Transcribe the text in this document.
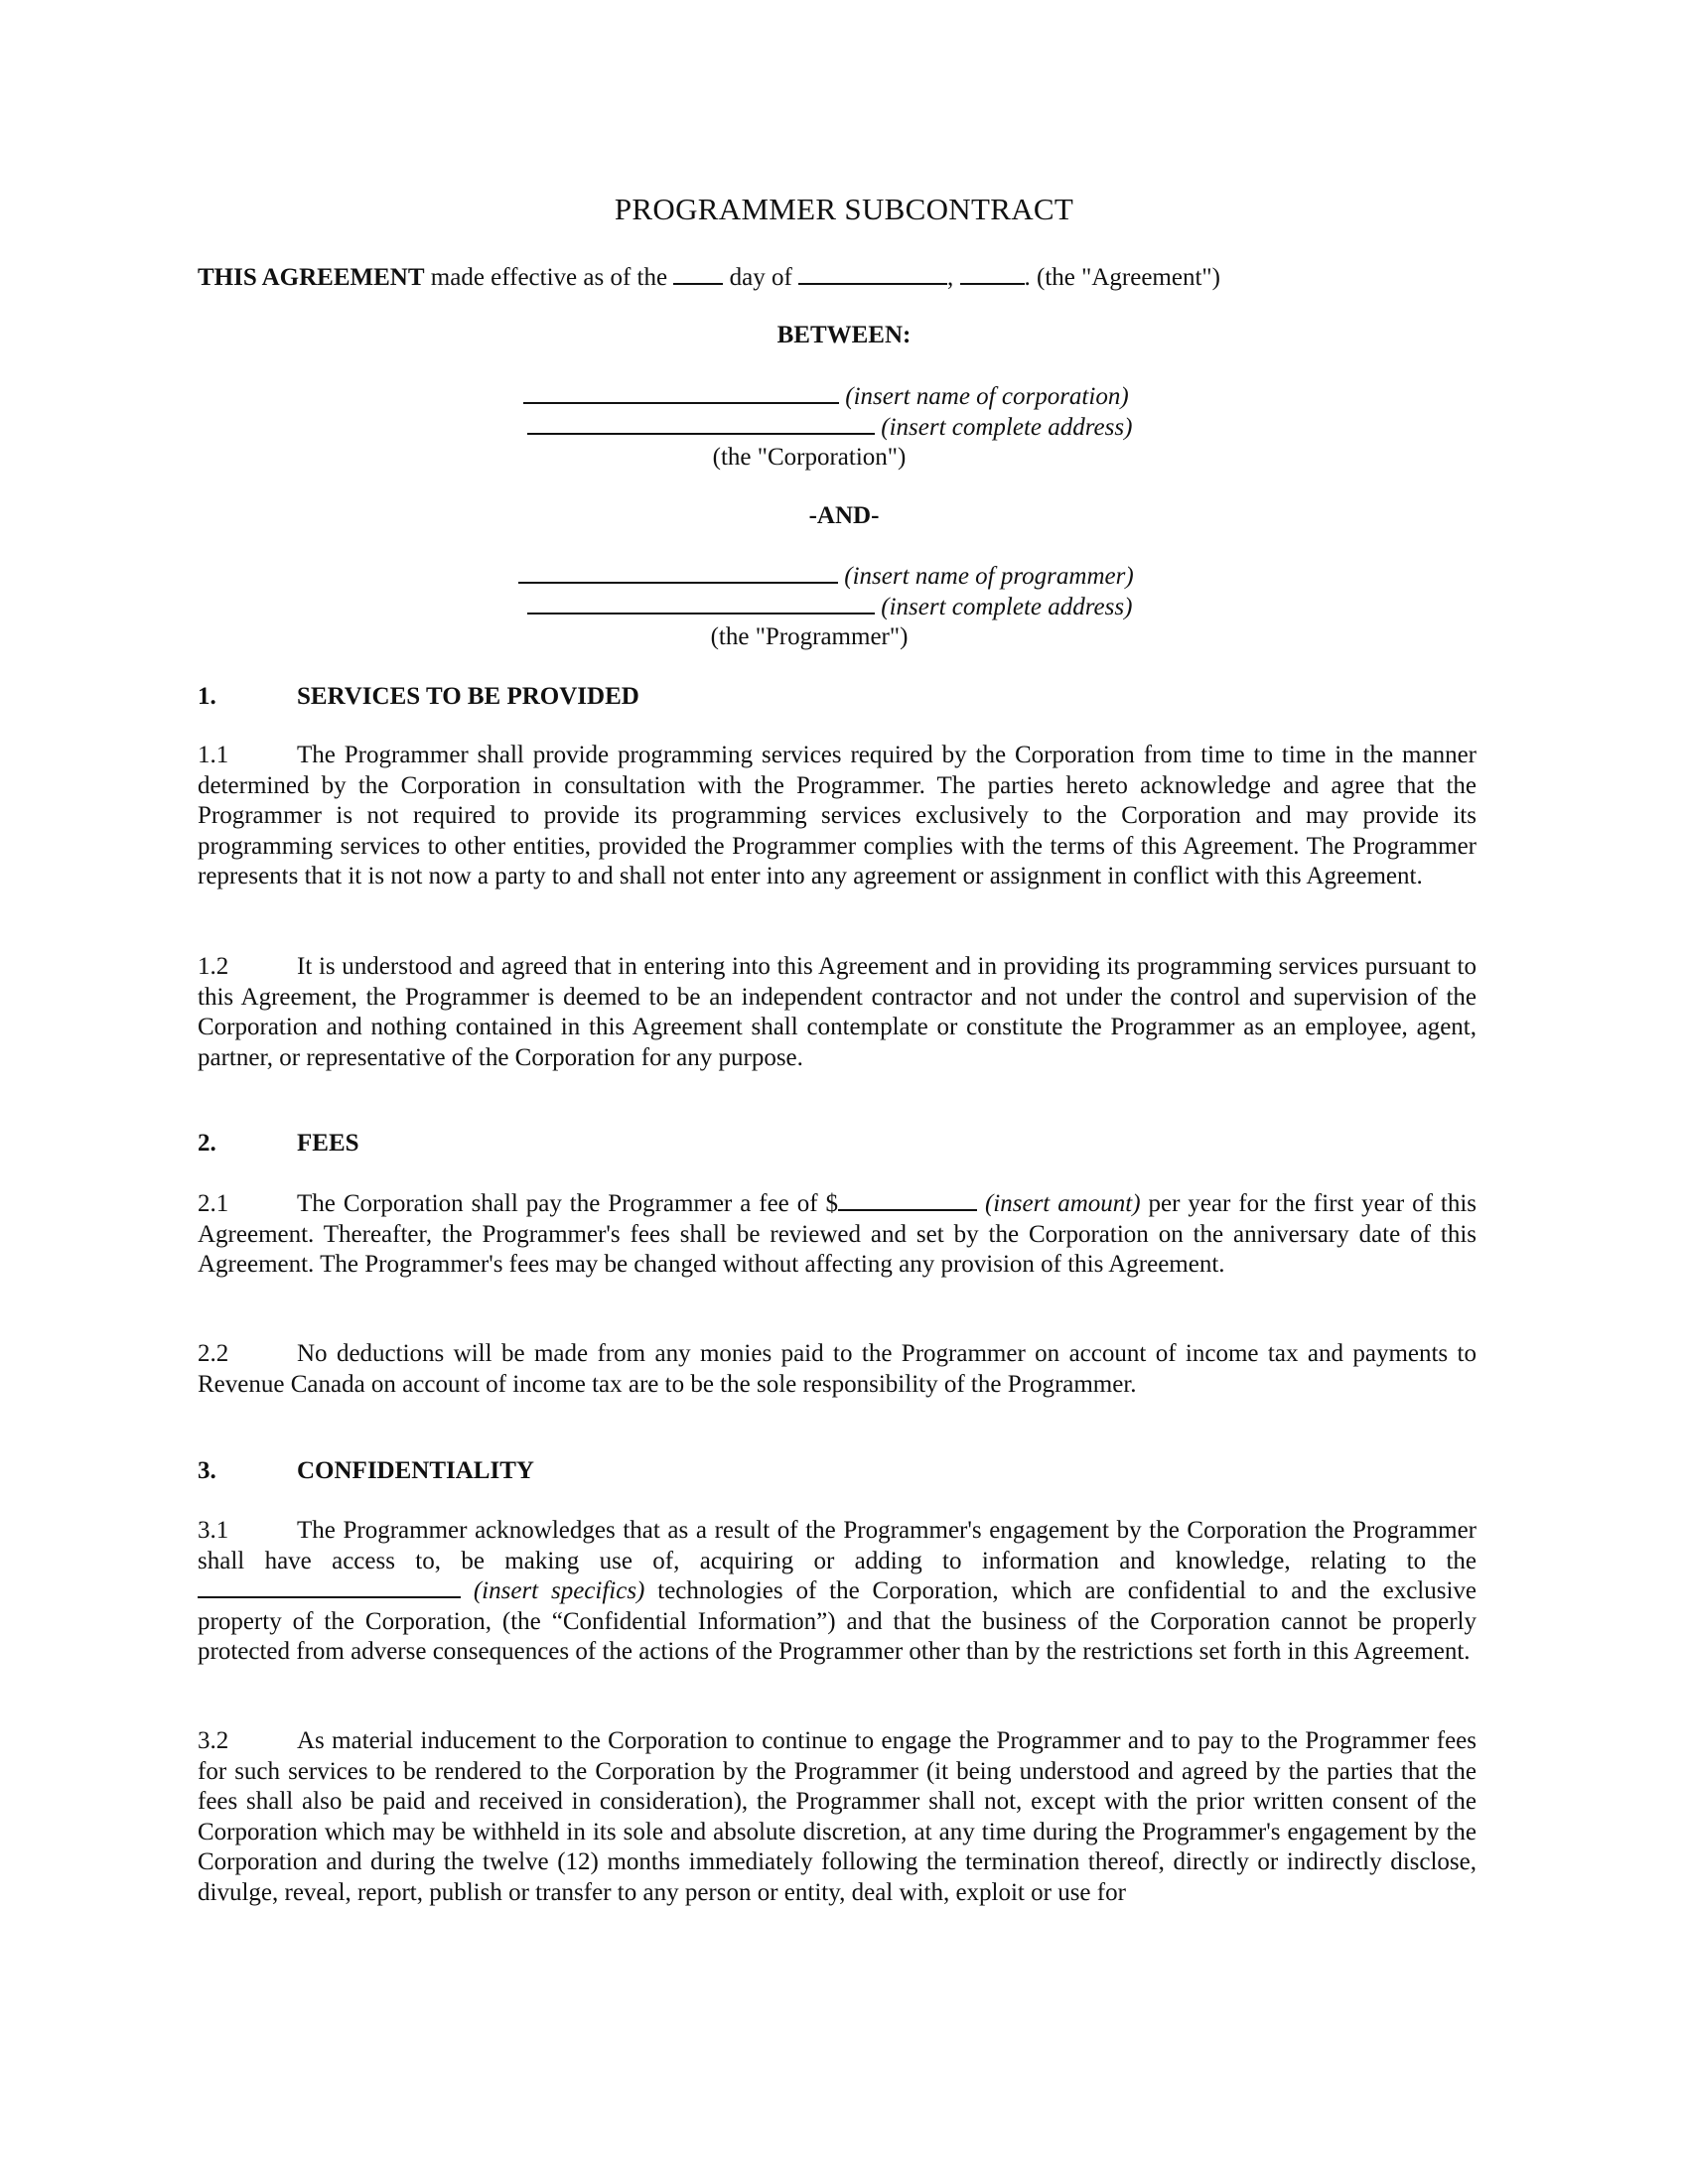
PROGRAMMER SUBCONTRACT
THIS AGREEMENT made effective as of the	day of	,	. (the "Agreement")
BETWEEN:
(insert name of corporation)
(insert complete address)
(the "Corporation")
-AND-
(insert name of programmer)
(insert complete address)
(the "Programmer")
1.	SERVICES TO BE PROVIDED
1.1	The Programmer shall provide programming services required by the Corporation from time to time in the manner determined by the Corporation in consultation with the Programmer. The parties hereto acknowledge and agree that the Programmer is not required to provide its programming services exclusively to the Corporation and may provide its programming services to other entities, provided the Programmer complies with the terms of this Agreement. The Programmer represents that it is not now a party to and shall not enter into any agreement or assignment in conflict with this Agreement.
1.2	It is understood and agreed that in entering into this Agreement and in providing its programming services pursuant to this Agreement, the Programmer is deemed to be an independent contractor and not under the control and supervision of the Corporation and nothing contained in this Agreement shall contemplate or constitute the Programmer as an employee, agent, partner, or representative of the Corporation for any purpose.
2.	FEES
2.1	The Corporation shall pay the Programmer a fee of $	(insert amount) per year for the first year of this Agreement. Thereafter, the Programmer's fees shall be reviewed and set by the Corporation on the anniversary date of this Agreement. The Programmer's fees may be changed without affecting any provision of this Agreement.
2.2	No deductions will be made from any monies paid to the Programmer on account of income tax and payments to Revenue Canada on account of income tax are to be the sole responsibility of the Programmer.
3.	CONFIDENTIALITY
3.1	The Programmer acknowledges that as a result of the Programmer's engagement by the Corporation the Programmer shall have access to, be making use of, acquiring or adding to information and knowledge, relating to the  (insert specifics) technologies of the Corporation, which are confidential to and the exclusive property of the Corporation, (the “Confidential Information”) and that the business of the Corporation cannot be properly protected from adverse consequences of the actions of the Programmer other than by the restrictions set forth in this Agreement.
3.2	As material inducement to the Corporation to continue to engage the Programmer and to pay to the Programmer fees for such services to be rendered to the Corporation by the Programmer (it being understood and agreed by the parties that the fees shall also be paid and received in consideration), the Programmer shall not, except with the prior written consent of the Corporation which may be withheld in its sole and absolute discretion, at any time during the Programmer's engagement by the Corporation and during the twelve (12) months immediately following the termination thereof, directly or indirectly disclose, divulge, reveal, report, publish or transfer to any person or entity, deal with, exploit or use for
